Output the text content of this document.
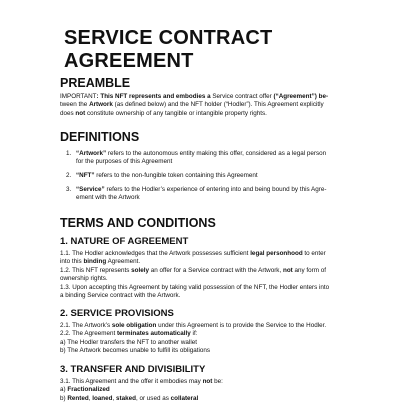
SERVICE CONTRACT AGREEMENT
PREAMBLE
IMPORTANT: This NFT represents and embodies a Service contract offer (“Agreement”) be-
tween the Artwork (as defined below) and the NFT holder (“Hodler”). This Agreement explicitly
does not constitute ownership of any tangible or intangible property rights.
DEFINITIONS
1. “Artwork” refers to the autonomous entity making this offer, considered as a legal person
for the purposes of this Agreement
2. “NFT” refers to the non-fungible token containing this Agreement
3. “Service” refers to the Hodler’s experience of entering into and being bound by this Agre-
ement with the Artwork
TERMS AND CONDITIONS
1. NATURE OF AGREEMENT
1.1. The Hodler acknowledges that the Artwork possesses sufficient legal personhood to enter
into this binding Agreement.
1.2. This NFT represents solely an offer for a Service contract with the Artwork, not any form of
ownership rights.
1.3. Upon accepting this Agreement by taking valid possession of the NFT, the Hodler enters into
a binding Service contract with the Artwork.
2. SERVICE PROVISIONS
2.1. The Artwork’s sole obligation under this Agreement is to provide the Service to the Hodler.
2.2. The Agreement terminates automatically if:
a) The Hodler transfers the NFT to another wallet
b) The Artwork becomes unable to fulfill its obligations
3. TRANSFER AND DIVISIBILITY
3.1. This Agreement and the offer it embodies may not be:
a) Fractionalized
b) Rented, loaned, staked, or used as collateral
